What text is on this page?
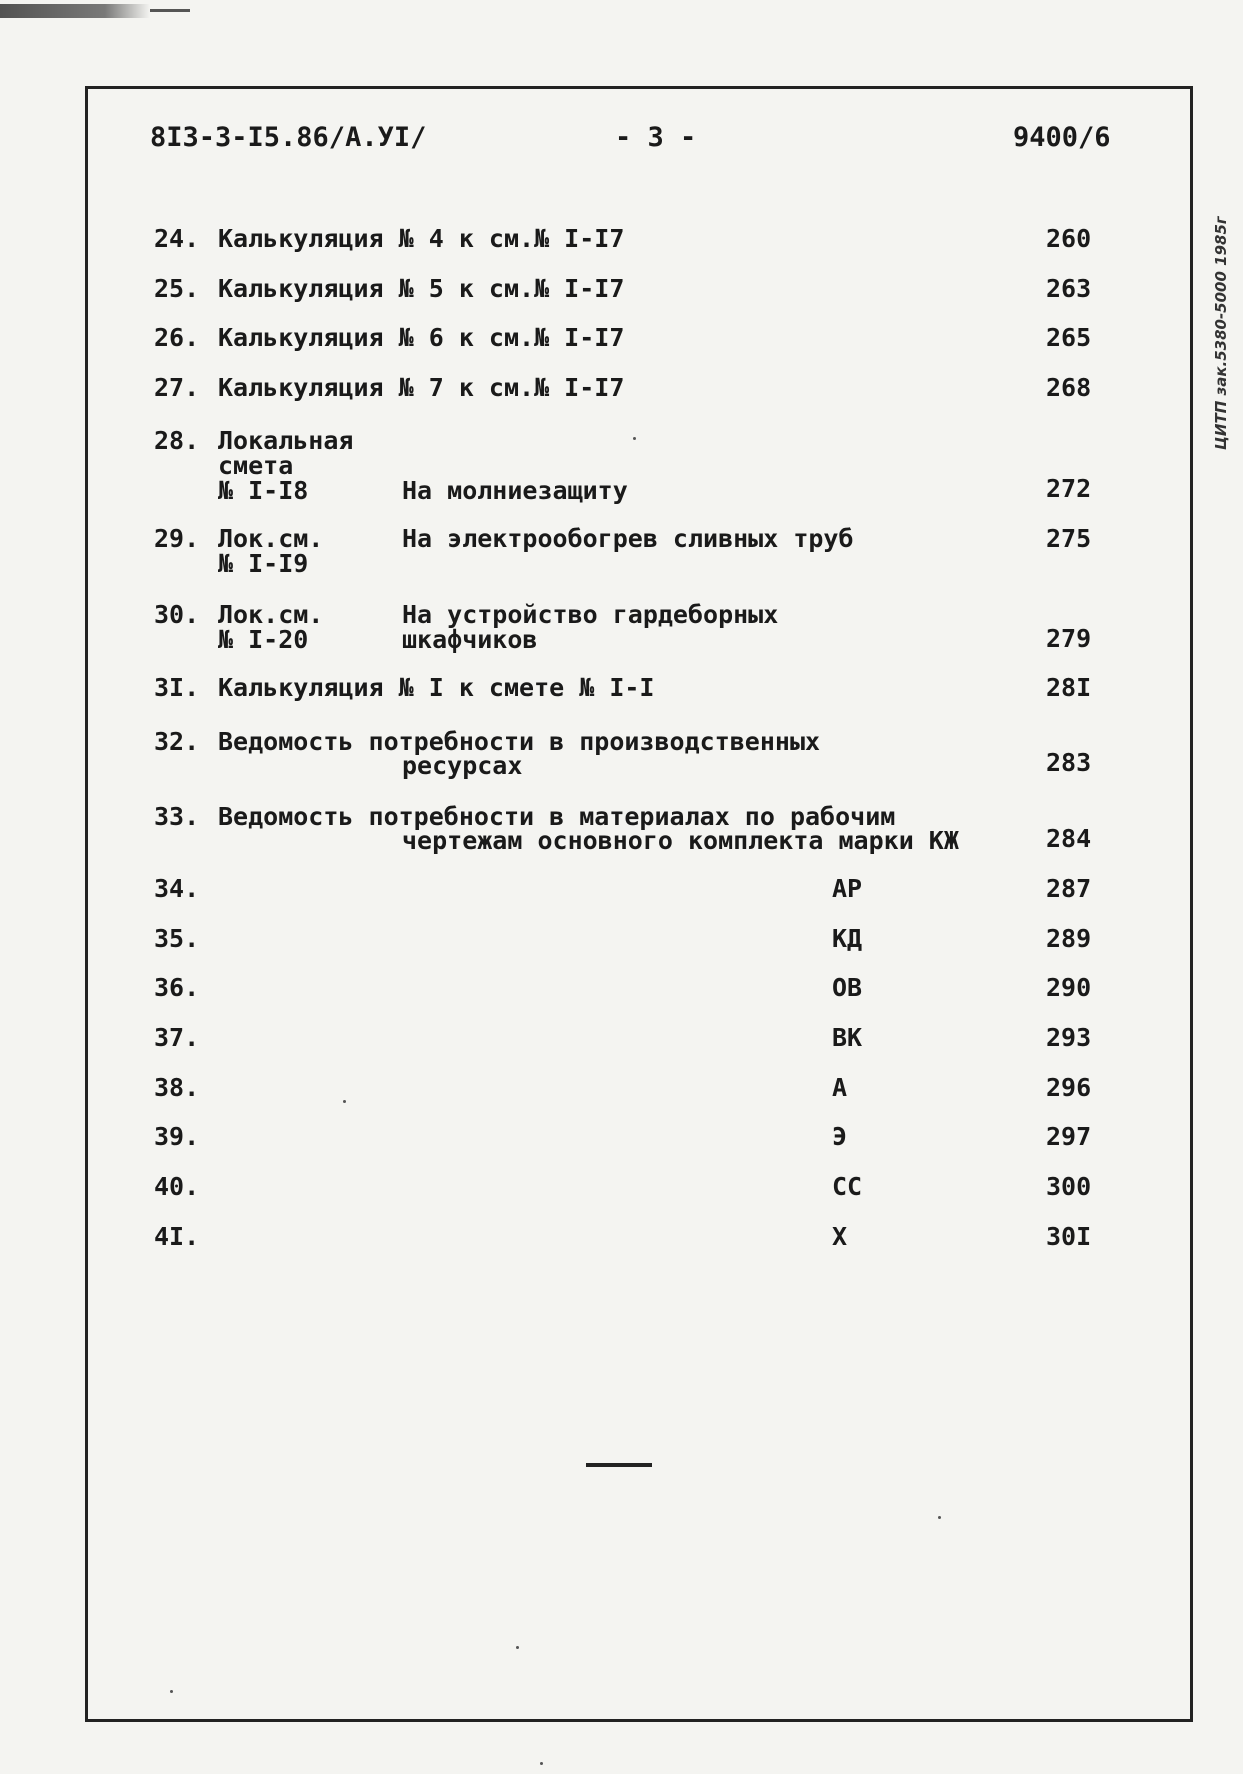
ЦИТП зак.5380-5000 1985г
8I3-3-I5.86/A.УI/	- 3 -	9400/6
24. Калькуляция № 4 к см.№ I-I7	260
25. Калькуляция № 5 к см.№ I-I7	263
26. Калькуляция № 6 к см.№ I-I7	265
27. Калькуляция № 7 к см.№ I-I7	268
28. Локальная
смета
№ I-I8	На молниезащиту	272
29. Лок.см.
№ I-I9
На электрообогрев сливных труб	275
30. Лок.см.
№ I-20
На устройство гардеборных
шкафчиков	279
3I. Калькуляция № I к смете № I-I	28I
32. Ведомость потребности в производственных
ресурсах	283
33. Ведомость потребности в материалах по рабочим
чертежам основного комплекта марки КЖ	284
34.	АР	287
35.	КД	289
36.	ОВ	290
37.	ВК	293
38.	А	296
39.	Э	297
40.	СС	300
4I.	Х	30I
